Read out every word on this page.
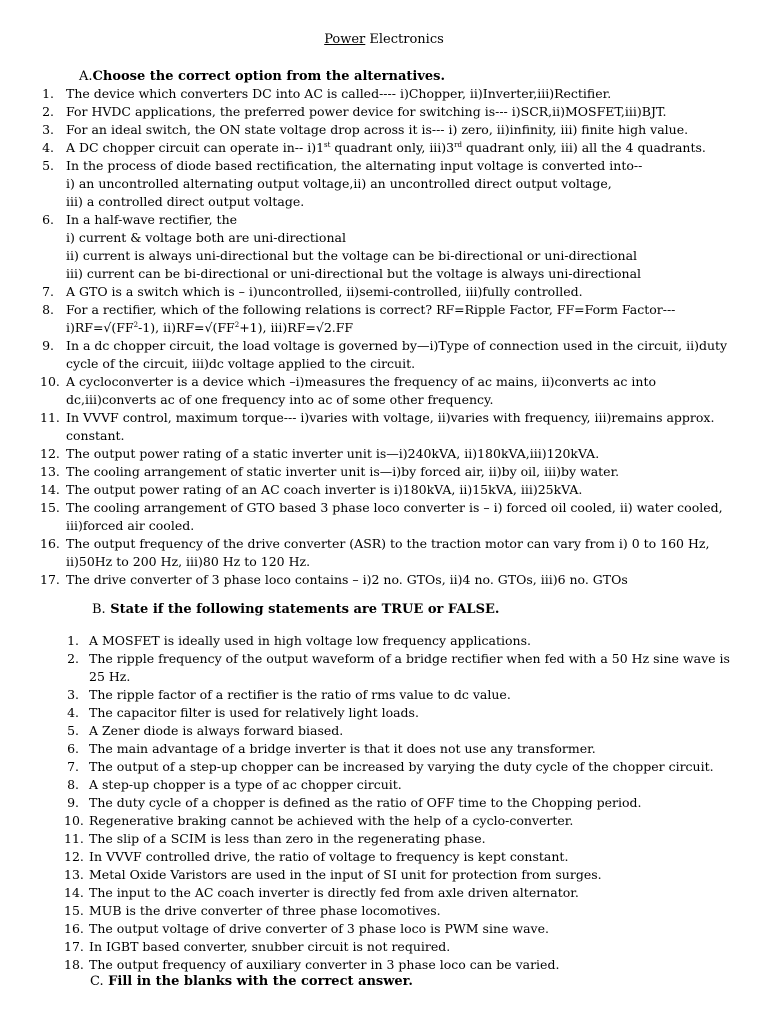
Power Electronics
A.Choose the correct option from the alternatives.
1. The device which converters DC into AC is called---- i)Chopper, ii)Inverter,iii)Rectifier.
2. For HVDC applications, the preferred power device for switching is--- i)SCR,ii)MOSFET,iii)BJT.
3. For an ideal switch, the ON state voltage drop across it is--- i) zero, ii)infinity, iii) finite high value.
4. A DC chopper circuit can operate in-- i)1st quadrant only, iii)3rd quadrant only, iii) all the 4 quadrants.
5. In the process of diode based rectification, the alternating input voltage is converted into--
i) an uncontrolled alternating output voltage,ii) an uncontrolled direct output voltage,
iii) a controlled direct output voltage.
6. In a half-wave rectifier, the
i) current & voltage both are uni-directional
ii) current is always uni-directional but the voltage can be bi-directional or uni-directional
iii) current can be bi-directional or uni-directional but the voltage is always uni-directional
7. A GTO is a switch which is – i)uncontrolled, ii)semi-controlled, iii)fully controlled.
8. For a rectifier, which of the following relations is correct? RF=Ripple Factor, FF=Form Factor---
$i)RF=√(FF^2-1)$, $ii)RF=√(FF^2+1)$, iii)RF=√2.FF
9. In a dc chopper circuit, the load voltage is governed by—i)Type of connection used in the circuit, ii)duty
cycle of the circuit, iii)dc voltage applied to the circuit.
10. A cycloconverter is a device which –i)measures the frequency of ac mains, ii)converts ac into
dc,iii)converts ac of one frequency into ac of some other frequency.
11. In VVVF control, maximum torque--- i)varies with voltage, ii)varies with frequency, iii)remains approx.
constant.
12. The output power rating of a static inverter unit is—i)240kVA, ii)180kVA,iii)120kVA.
13. The cooling arrangement of static inverter unit is—i)by forced air, ii)by oil, iii)by water.
14. The output power rating of an AC coach inverter is i)180kVA, ii)15kVA, iii)25kVA.
15. The cooling arrangement of GTO based 3 phase loco converter is – i) forced oil cooled, ii) water cooled,
iii)forced air cooled.
16. The output frequency of the drive converter (ASR) to the traction motor can vary from i) 0 to 160 Hz,
ii)50Hz to 200 Hz, iii)80 Hz to 120 Hz.
17. The drive converter of 3 phase loco contains – i)2 no. GTOs, ii)4 no. GTOs, iii)6 no. GTOs
B. State if the following statements are TRUE or FALSE.
1. A MOSFET is ideally used in high voltage low frequency applications.
2. The ripple frequency of the output waveform of a bridge rectifier when fed with a 50 Hz sine wave is
25 Hz.
3. The ripple factor of a rectifier is the ratio of rms value to dc value.
4. The capacitor filter is used for relatively light loads.
5. A Zener diode is always forward biased.
6. The main advantage of a bridge inverter is that it does not use any transformer.
7. The output of a step-up chopper can be increased by varying the duty cycle of the chopper circuit.
8. A step-up chopper is a type of ac chopper circuit.
9. The duty cycle of a chopper is defined as the ratio of OFF time to the Chopping period.
10. Regenerative braking cannot be achieved with the help of a cyclo-converter.
11. The slip of a SCIM is less than zero in the regenerating phase.
12. In VVVF controlled drive, the ratio of voltage to frequency is kept constant.
13. Metal Oxide Varistors are used in the input of SI unit for protection from surges.
14. The input to the AC coach inverter is directly fed from axle driven alternator.
15. MUB is the drive converter of three phase locomotives.
16. The output voltage of drive converter of 3 phase loco is PWM sine wave.
17. In IGBT based converter, snubber circuit is not required.
18. The output frequency of auxiliary converter in 3 phase loco can be varied.
C. Fill in the blanks with the correct answer.
